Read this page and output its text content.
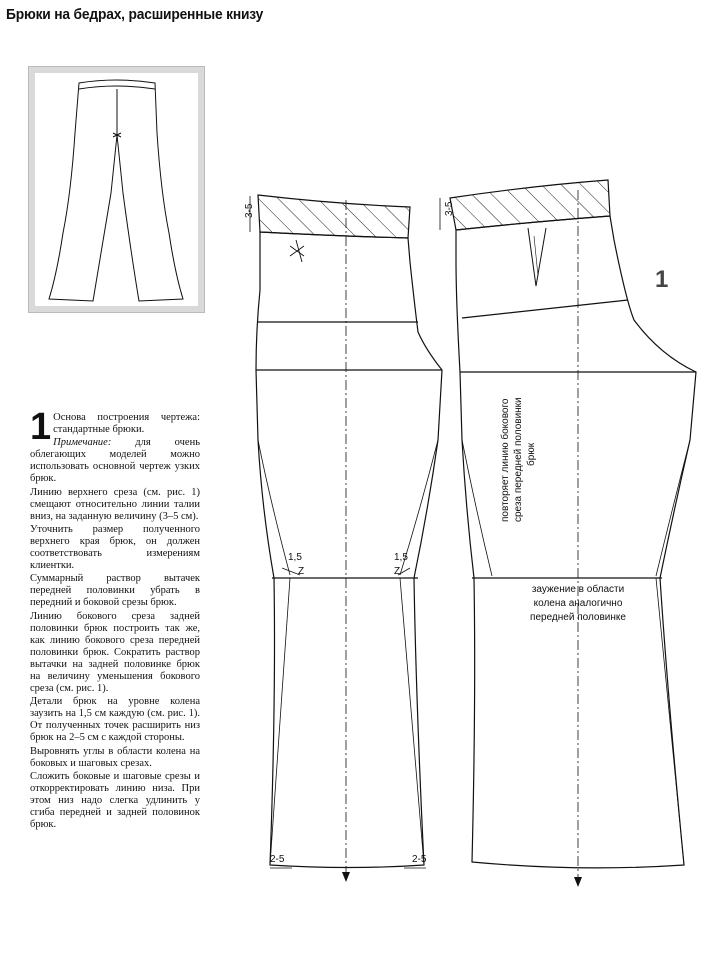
Брюки на бедрах, расширенные книзу

1 Основа построения чертежа: стандартные брюки.

Примечание: для очень облегающих моделей можно использовать основной чертеж узких брюк.

Линию верхнего среза (см. рис. 1) смещают относительно линии талии вниз, на заданную величину (3–5 см).

Уточнить размер полученного верхнего края брюк, он должен соответствовать измерениям клиентки.

Суммарный раствор вытачек передней половинки убрать в передний и боковой срезы брюк.

Линию бокового среза задней половинки брюк построить так же, как линию бокового среза передней половинки брюк. Сократить раствор вытачки на задней половинке брюк на величину уменьшения бокового среза (см. рис. 1).

Детали брюк на уровне колена заузить на 1,5 см каждую (см. рис. 1). От полученных точек расширить низ брюк на 2–5 см с каждой стороны.

Выровнять углы в области колена на боковых и шаговых срезах.

Сложить боковые и шаговые срезы и откорректировать линию низа. При этом низ надо слегка удлинить у сгиба передней и задней половинок брюк.

1
3-5	3-5
1,5	1,5
Z	Z
2-5	2-5
повторяет линию бокового среза передней половинки брюк
заужение в области
колена аналогично
передней половинке
